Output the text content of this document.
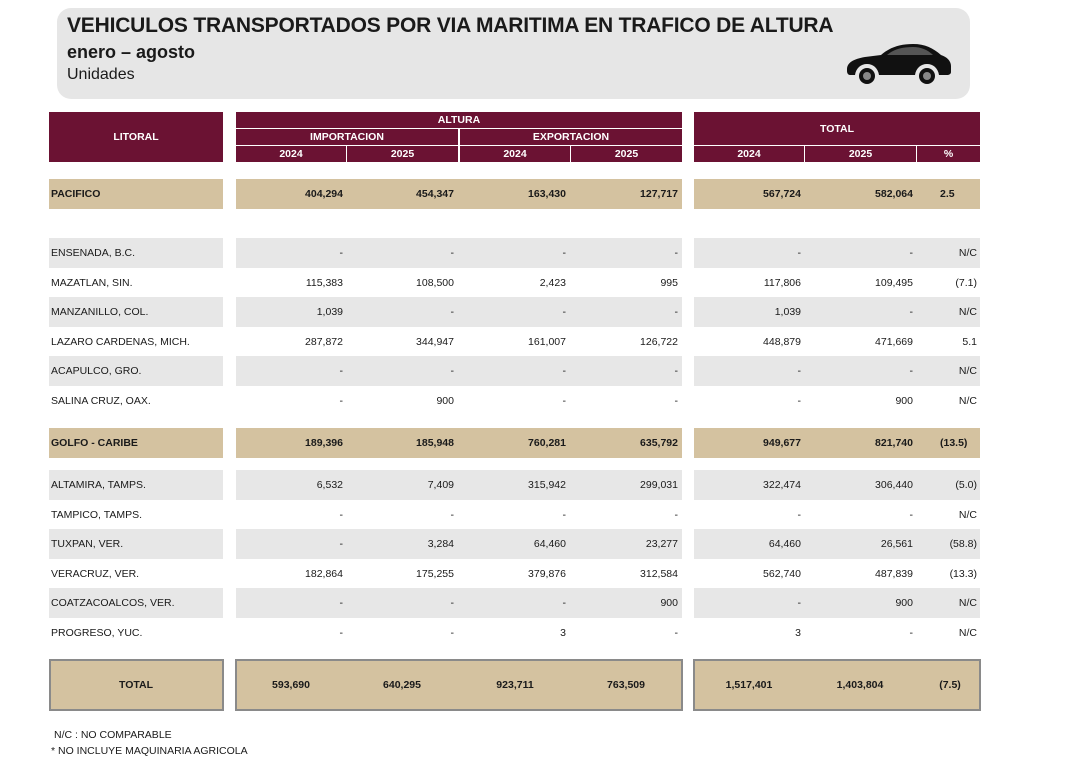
VEHICULOS TRANSPORTADOS POR VIA MARITIMA EN TRAFICO DE ALTURA
enero – agosto
Unidades
LITORAL
ALTURA
IMPORTACION	EXPORTACION
2024	2025	2024	2025
TOTAL
2024	2025	%
PACIFICO	404,294	454,347	163,430	127,717	567,724	582,064	2.5
ENSENADA, B.C.	-	-	-	-	-	-	N/C
MAZATLAN, SIN.	115,383	108,500	2,423	995	117,806	109,495	(7.1)
MANZANILLO, COL.	1,039	-	-	-	1,039	-	N/C
LAZARO CARDENAS, MICH.	287,872	344,947	161,007	126,722	448,879	471,669	5.1
ACAPULCO, GRO.	-	-	-	-	-	-	N/C
SALINA CRUZ, OAX.	-	900	-	-	-	900	N/C
GOLFO - CARIBE	189,396	185,948	760,281	635,792	949,677	821,740	(13.5)
ALTAMIRA, TAMPS.	6,532	7,409	315,942	299,031	322,474	306,440	(5.0)
TAMPICO, TAMPS.	-	-	-	-	-	-	N/C
TUXPAN, VER.	-	3,284	64,460	23,277	64,460	26,561	(58.8)
VERACRUZ, VER.	182,864	175,255	379,876	312,584	562,740	487,839	(13.3)
COATZACOALCOS, VER.	-	-	-	900	-	900	N/C
PROGRESO, YUC.	-	-	3	-	3	-	N/C
TOTAL	593,690	640,295	923,711	763,509	1,517,401	1,403,804	(7.5)
N/C : NO COMPARABLE
* NO INCLUYE MAQUINARIA AGRICOLA
